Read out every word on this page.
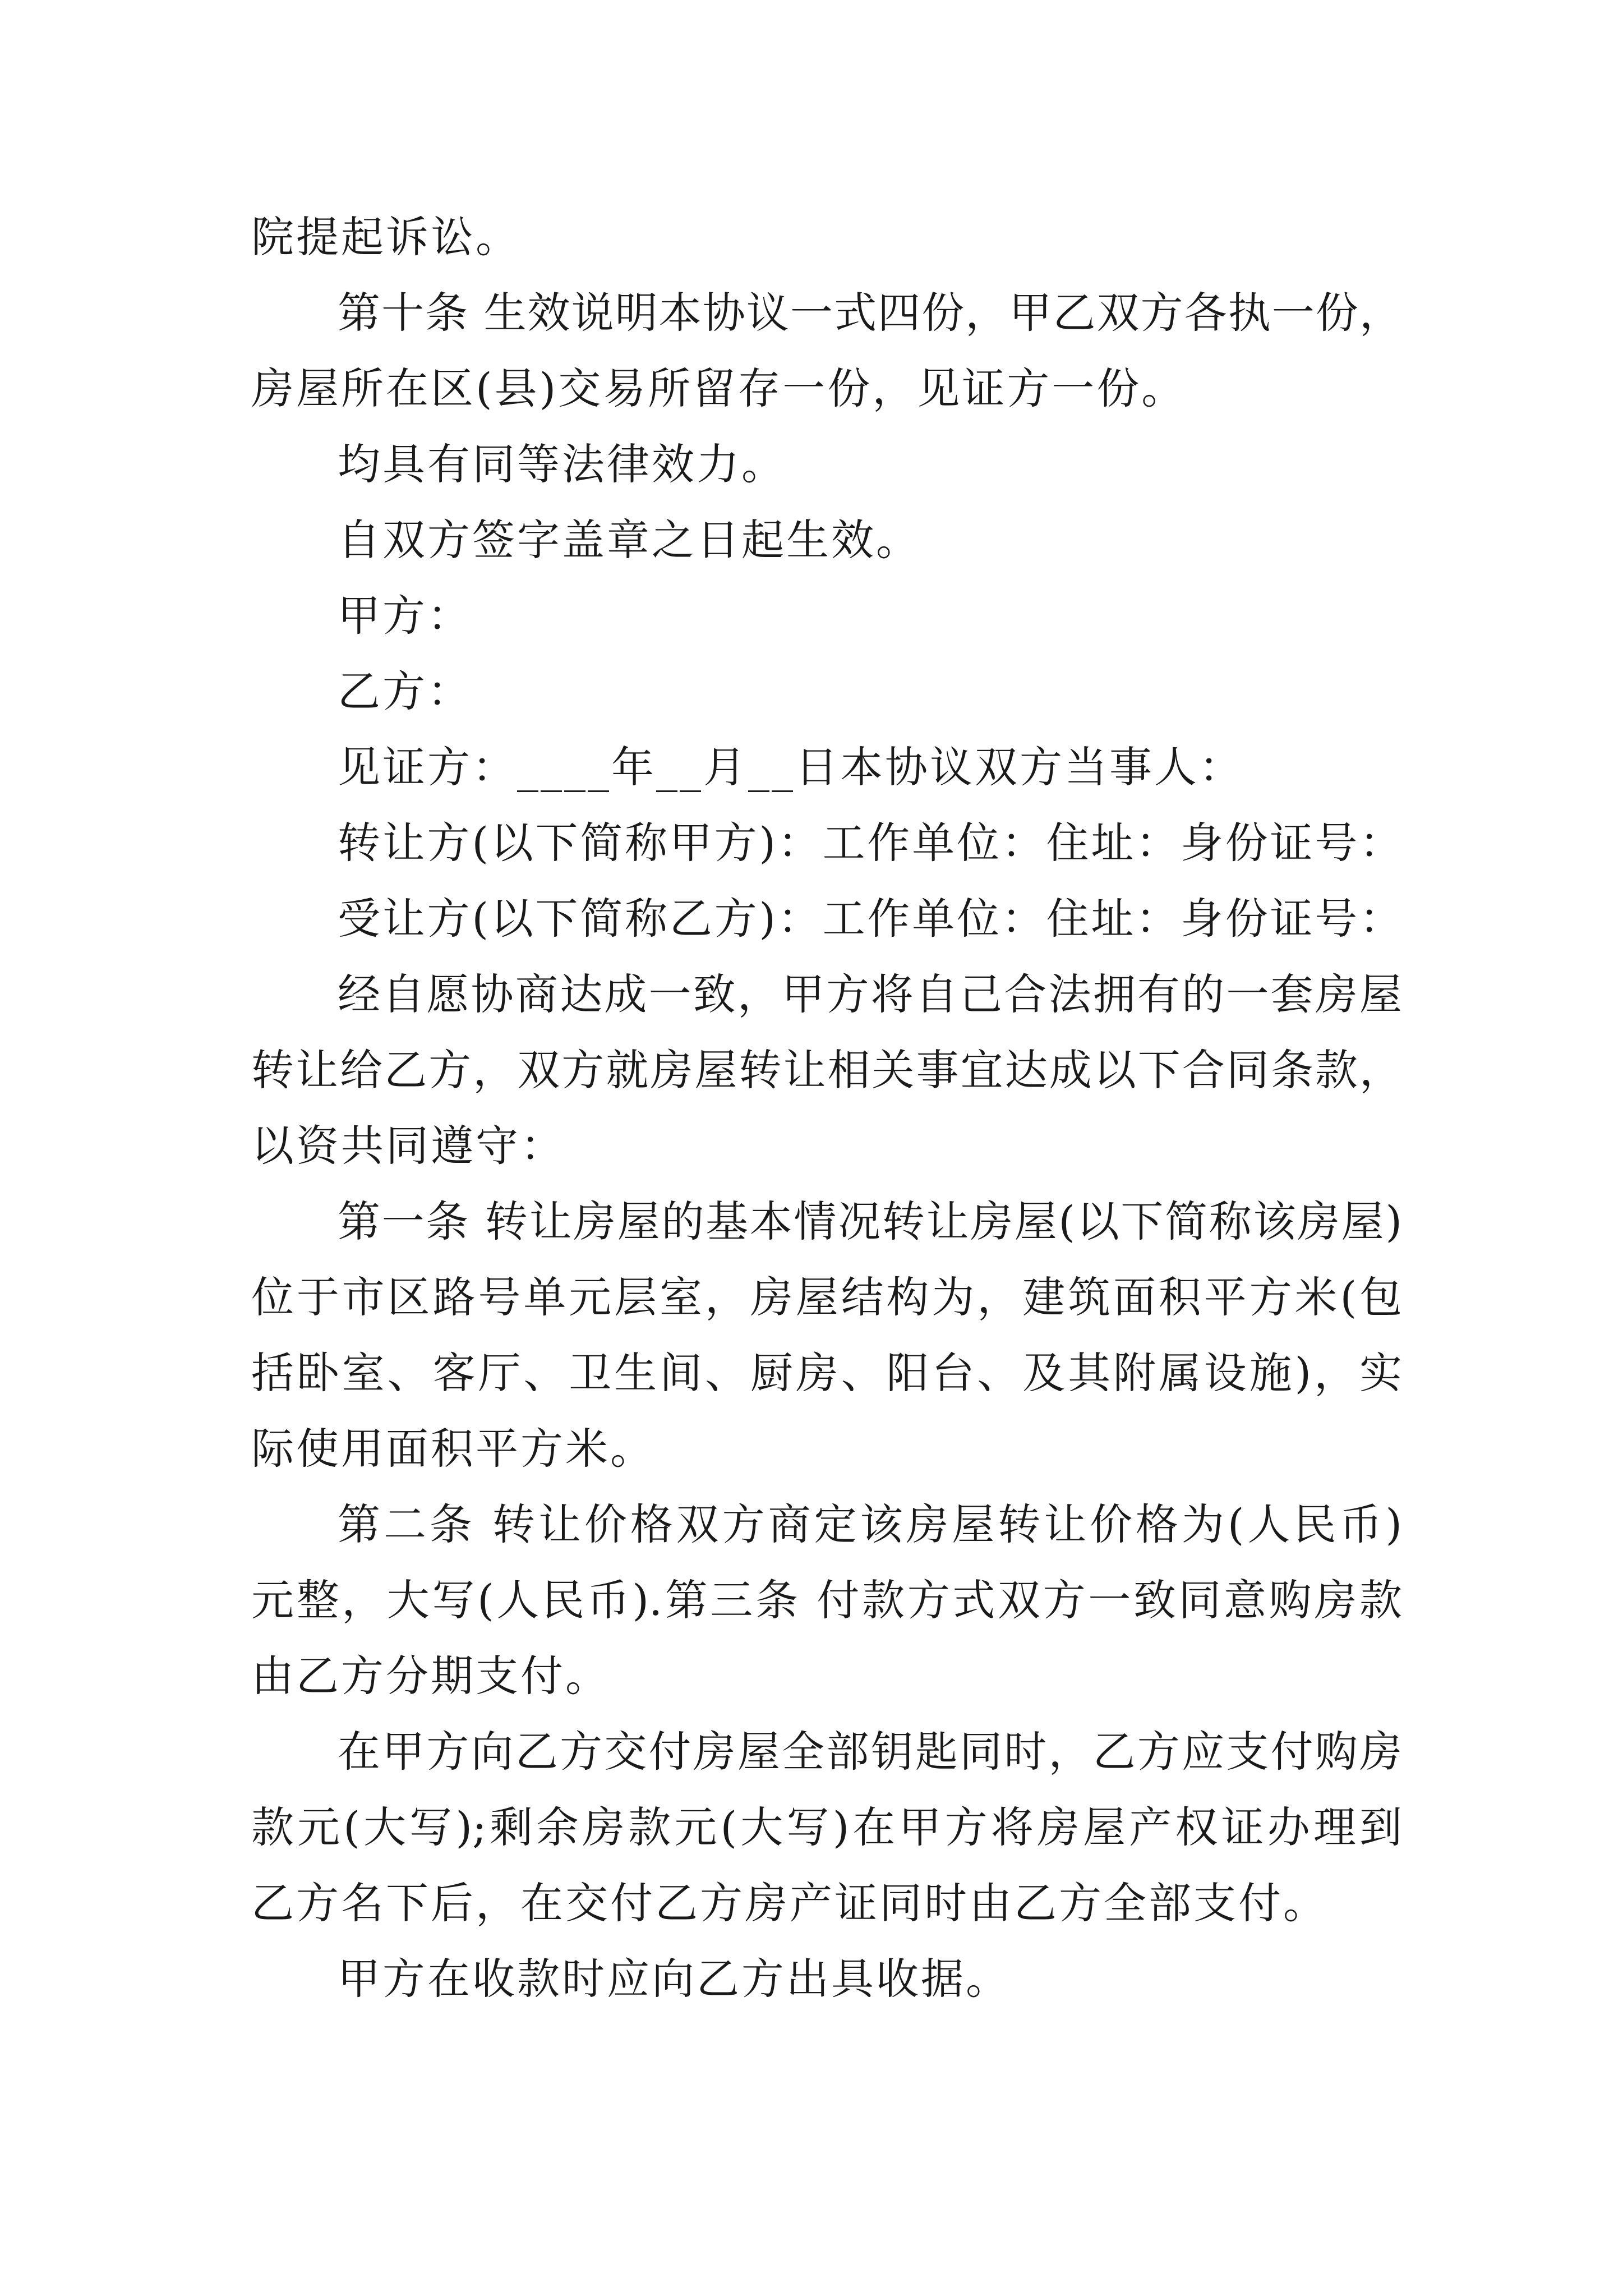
院提起诉讼。
第十条 生效说明本协议一式四份，甲乙双方各执一份，
房屋所在区(县)交易所留存一份，见证方一份。
均具有同等法律效力。
自双方签字盖章之日起生效。
甲方：
乙方：
见证方：____年__月__日本协议双方当事人：
转让方(以下简称甲方)：工作单位：住址：身份证号：
受让方(以下简称乙方)：工作单位：住址：身份证号：
经自愿协商达成一致，甲方将自己合法拥有的一套房屋
转让给乙方，双方就房屋转让相关事宜达成以下合同条款，
以资共同遵守：
第一条 转让房屋的基本情况转让房屋(以下简称该房屋)
位于市区路号单元层室，房屋结构为，建筑面积平方米(包
括卧室、客厅、卫生间、厨房、阳台、及其附属设施)，实
际使用面积平方米。
第二条 转让价格双方商定该房屋转让价格为(人民币)
元整，大写(人民币).第三条 付款方式双方一致同意购房款
由乙方分期支付。
在甲方向乙方交付房屋全部钥匙同时，乙方应支付购房
款元(大写);剩余房款元(大写)在甲方将房屋产权证办理到
乙方名下后，在交付乙方房产证同时由乙方全部支付。
甲方在收款时应向乙方出具收据。
